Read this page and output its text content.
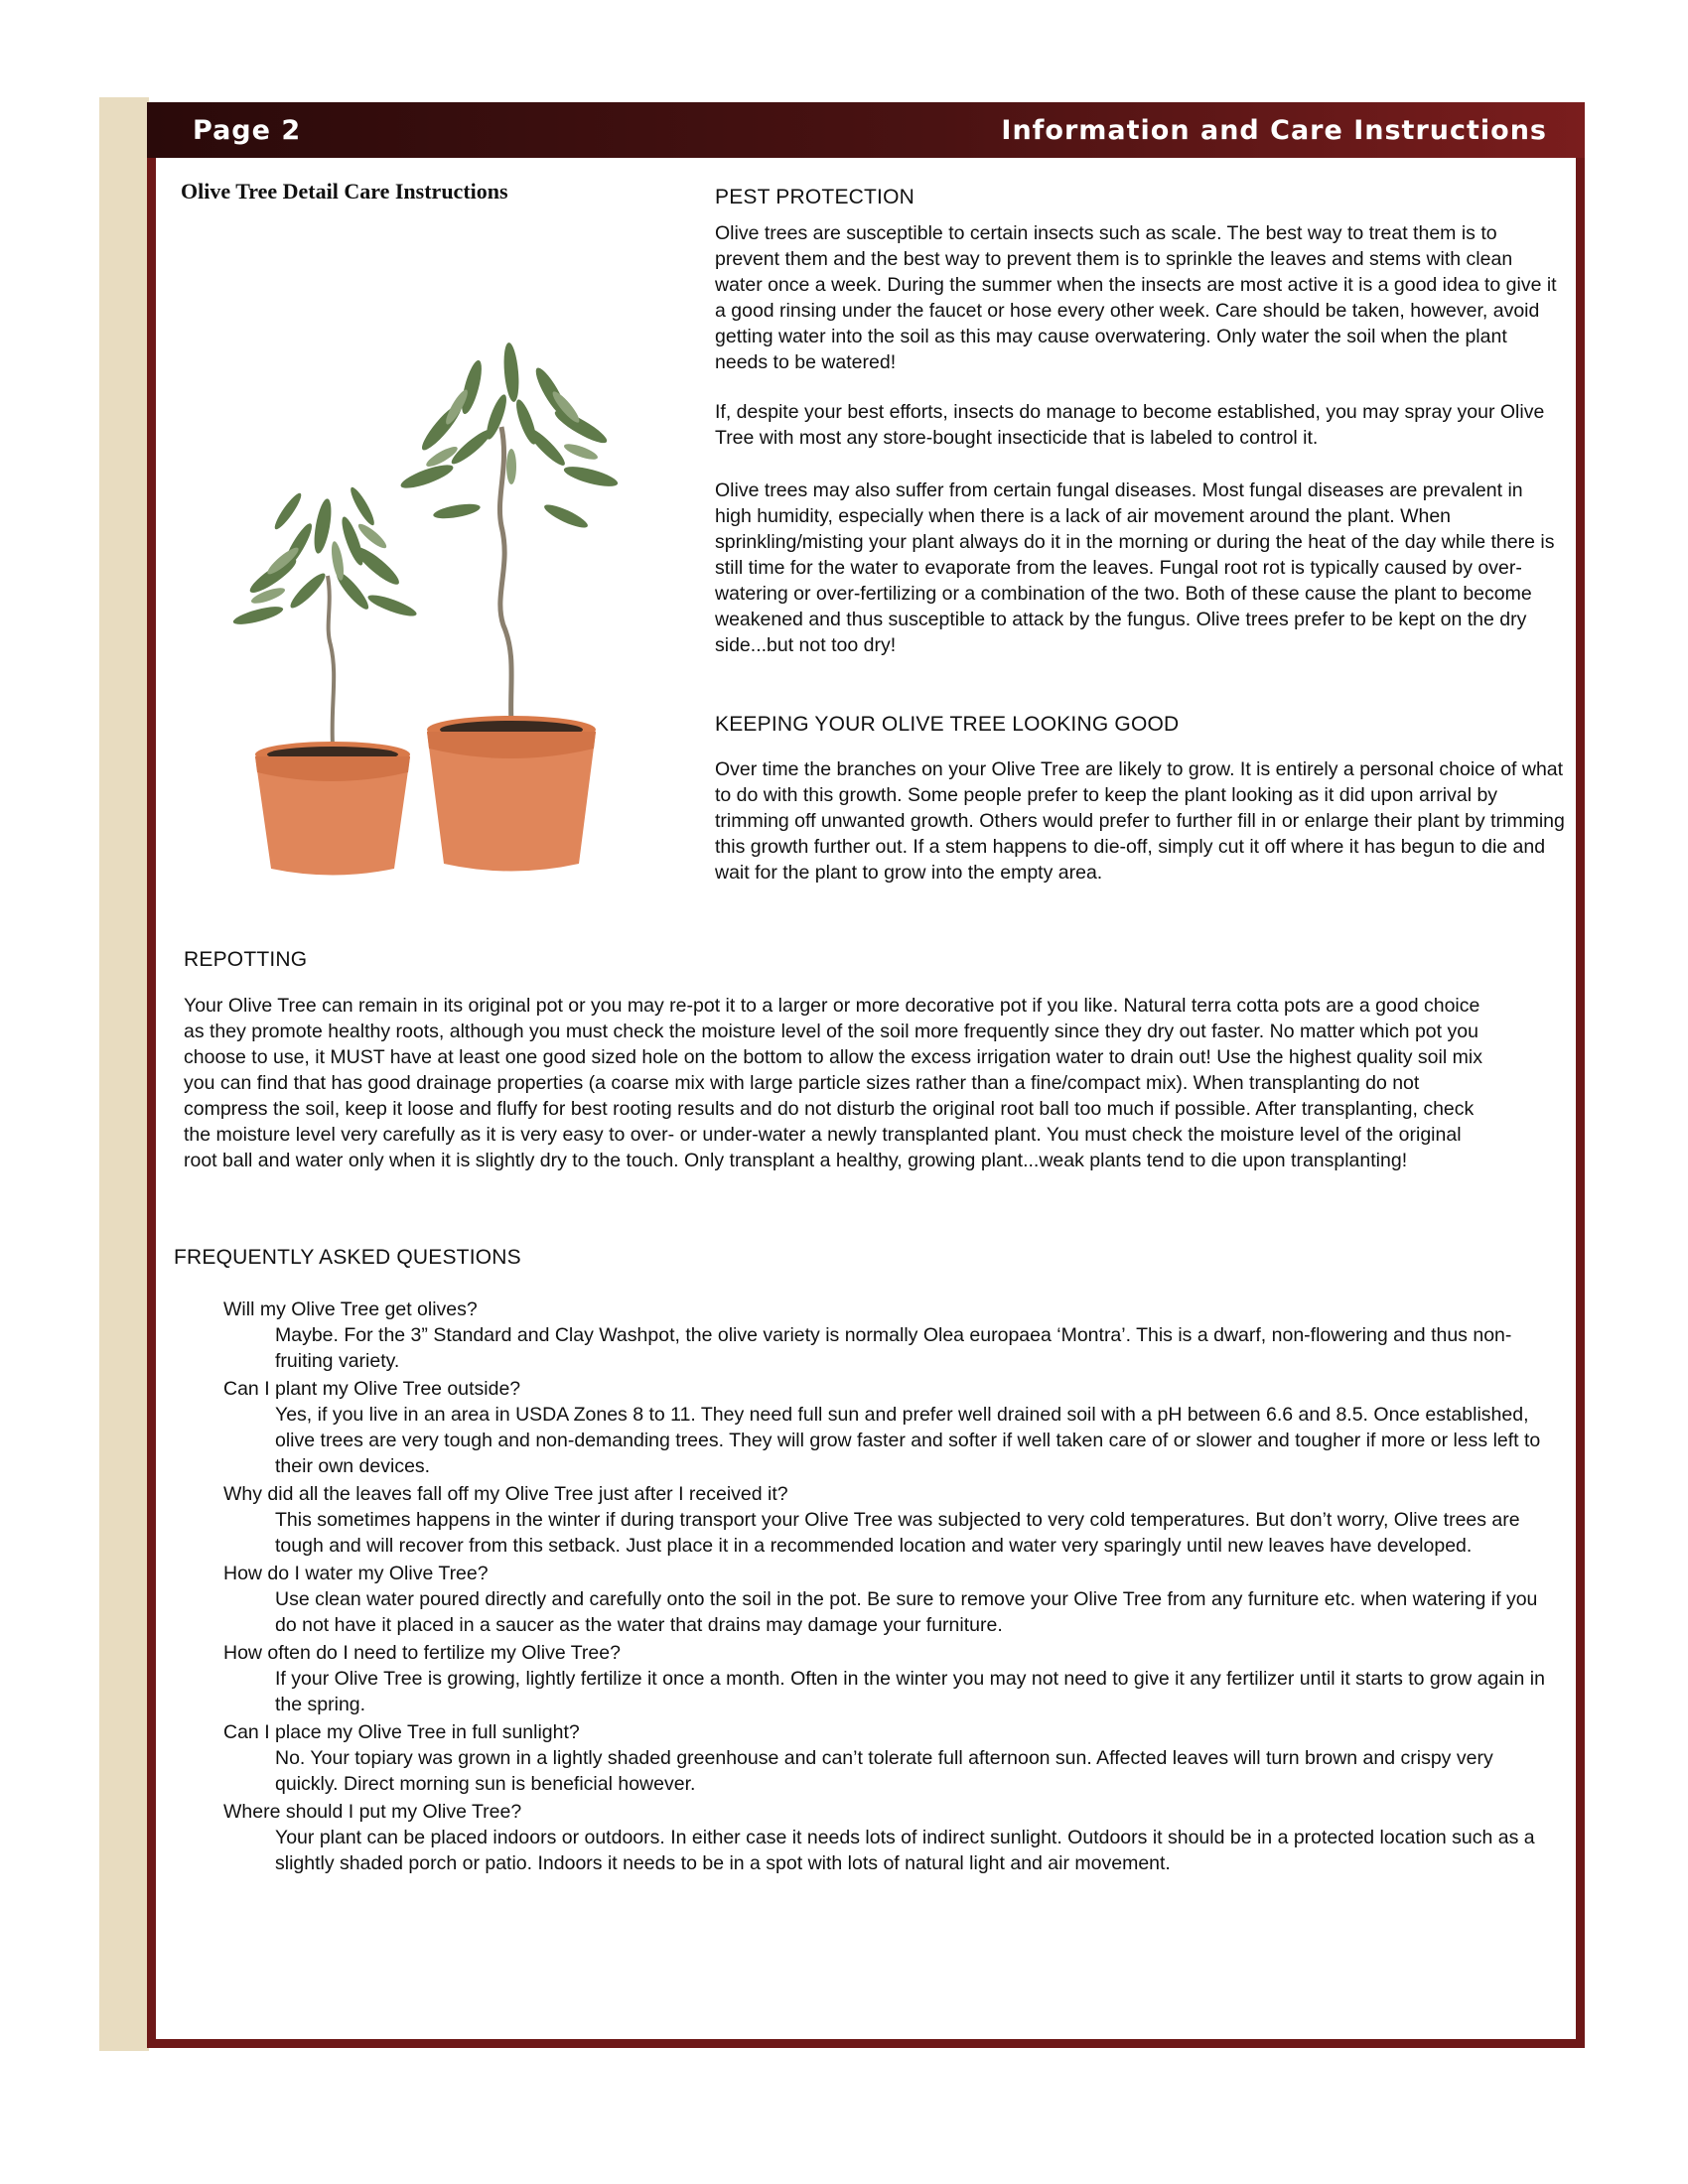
Page 2	Information and Care Instructions
Olive Tree Detail Care Instructions	PEST PROTECTION

Olive trees are susceptible to certain insects such as scale. The best way to treat them is to prevent them and the best way to prevent them is to sprinkle the leaves and stems with clean water once a week. During the summer when the insects are most active it is a good idea to give it a good rinsing under the faucet or hose every other week. Care should be taken, however, avoid getting water into the soil as this may cause overwatering. Only water the soil when the plant needs to be watered!

If, despite your best efforts, insects do manage to become established, you may spray your Olive Tree with most any store-bought insecticide that is labeled to control it.

Olive trees may also suffer from certain fungal diseases. Most fungal diseases are prevalent in high humidity, especially when there is a lack of air movement around the plant. When sprinkling/misting your plant always do it in the morning or during the heat of the day while there is still time for the water to evaporate from the leaves. Fungal root rot is typically caused by over-watering or over-fertilizing or a combination of the two. Both of these cause the plant to become weakened and thus susceptible to attack by the fungus. Olive trees prefer to be kept on the dry side...but not too dry!

KEEPING YOUR OLIVE TREE LOOKING GOOD

Over time the branches on your Olive Tree are likely to grow. It is entirely a personal choice of what to do with this growth. Some people prefer to keep the plant looking as it did upon arrival by trimming off unwanted growth. Others would prefer to further fill in or enlarge their plant by trimming this growth further out. If a stem happens to die-off, simply cut it off where it has begun to die and wait for the plant to grow into the empty area.

REPOTTING

Your Olive Tree can remain in its original pot or you may re-pot it to a larger or more decorative pot if you like. Natural terra cotta pots are a good choice as they promote healthy roots, although you must check the moisture level of the soil more frequently since they dry out faster. No matter which pot you choose to use, it MUST have at least one good sized hole on the bottom to allow the excess irrigation water to drain out! Use the highest quality soil mix you can find that has good drainage properties (a coarse mix with large particle sizes rather than a fine/compact mix). When transplanting do not compress the soil, keep it loose and fluffy for best rooting results and do not disturb the original root ball too much if possible. After transplanting, check the moisture level very carefully as it is very easy to over- or under-water a newly transplanted plant. You must check the moisture level of the original root ball and water only when it is slightly dry to the touch. Only transplant a healthy, growing plant...weak plants tend to die upon transplanting!

FREQUENTLY ASKED QUESTIONS

Will my Olive Tree get olives?

Maybe. For the 3” Standard and Clay Washpot, the olive variety is normally Olea europaea ‘Montra’. This is a dwarf, non-flowering and thus non-fruiting variety.

Can I plant my Olive Tree outside?

Yes, if you live in an area in USDA Zones 8 to 11. They need full sun and prefer well drained soil with a pH between 6.6 and 8.5. Once established, olive trees are very tough and non-demanding trees. They will grow faster and softer if well taken care of or slower and tougher if more or less left to their own devices.

Why did all the leaves fall off my Olive Tree just after I received it?

This sometimes happens in the winter if during transport your Olive Tree was subjected to very cold temperatures. But don’t worry, Olive trees are tough and will recover from this setback. Just place it in a recommended location and water very sparingly until new leaves have developed.

How do I water my Olive Tree?

Use clean water poured directly and carefully onto the soil in the pot. Be sure to remove your Olive Tree from any furniture etc. when watering if you do not have it placed in a saucer as the water that drains may damage your furniture.

How often do I need to fertilize my Olive Tree?

If your Olive Tree is growing, lightly fertilize it once a month. Often in the winter you may not need to give it any fertilizer until it starts to grow again in the spring.

Can I place my Olive Tree in full sunlight?

No. Your topiary was grown in a lightly shaded greenhouse and can’t tolerate full afternoon sun. Affected leaves will turn brown and crispy very quickly. Direct morning sun is beneficial however.

Where should I put my Olive Tree?

Your plant can be placed indoors or outdoors. In either case it needs lots of indirect sunlight. Outdoors it should be in a protected location such as a slightly shaded porch or patio. Indoors it needs to be in a spot with lots of natural light and air movement.
